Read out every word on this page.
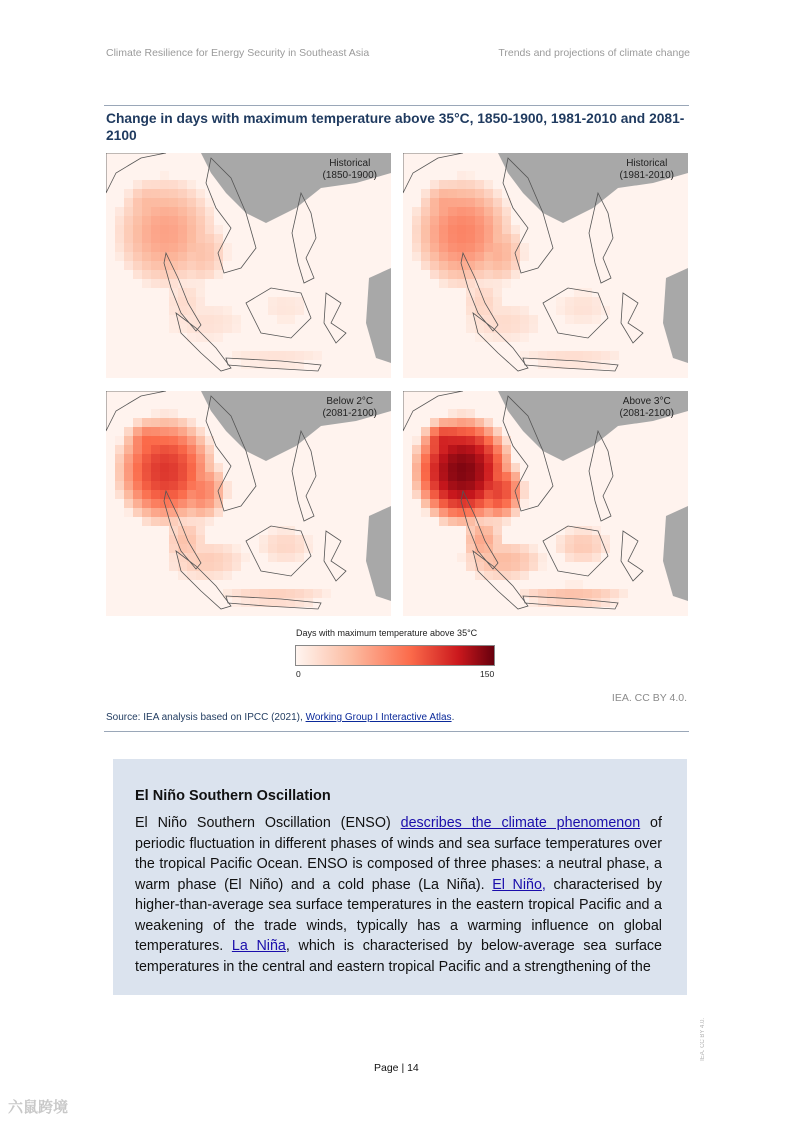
Climate Resilience for Energy Security in Southeast Asia	Trends and projections of climate change
Change in days with maximum temperature above 35°C, 1850-1900, 1981-2010 and 2081-2100
Historical
(1850-1900)
Historical
(1981-2010)
Below 2°C
(2081-2100)
Above 3°C
(2081-2100)
Days with maximum temperature above 35°C
0	150
IEA. CC BY 4.0.
Source: IEA analysis based on IPCC (2021), Working Group I Interactive Atlas.
El Niño Southern Oscillation

El Niño Southern Oscillation (ENSO) describes the climate phenomenon of periodic fluctuation in different phases of winds and sea surface temperatures over the tropical Pacific Ocean. ENSO is composed of three phases: a neutral phase, a warm phase (El Niño) and a cold phase (La Niña). El Niño, characterised by higher-than-average sea surface temperatures in the eastern tropical Pacific and a weakening of the trade winds, typically has a warming influence on global temperatures. La Niña, which is characterised by below-average sea surface temperatures in the central and eastern tropical Pacific and a strengthening of the

Page | 14
IEA. CC BY 4.0.
六鼠跨境
